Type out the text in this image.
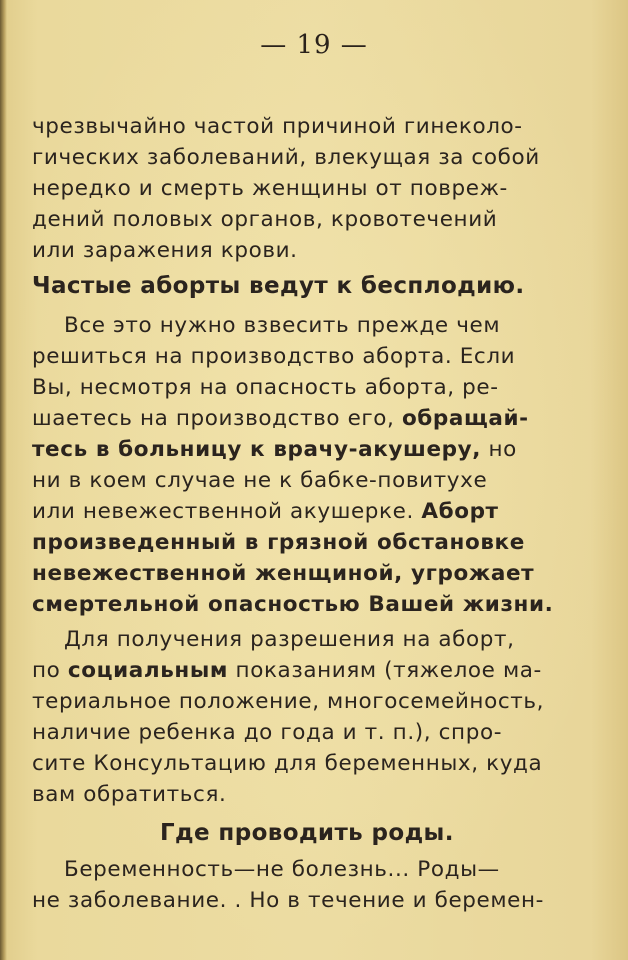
— 19 —
чрезвычайно частой причиной гинеколо-
гических заболеваний, влекущая за собой
нередко и смерть женщины от повреж-
дений половых органов, кровотечений
или заражения крови.
Частые аборты ведут к бесплодию.
Все это нужно взвесить прежде чем
решиться на производство аборта. Если
Вы, несмотря на опасность аборта, ре-
шаетесь на производство его, обращай-
тесь в больницу к врачу-акушеру, но
ни в коем случае не к бабке-повитухе
или невежественной акушерке. Аборт
произведенный в грязной обстановке
невежественной женщиной, угрожает
смертельной опасностью Вашей жизни.
Для получения разрешения на аборт,
по социальным показаниям (тяжелое ма-
териальное положение, многосемейность,
наличие ребенка до года и т. п.), спро-
сите Консультацию для беременных, куда
вам обратиться.
Где проводить роды.
Беременность—не болезнь... Роды—
не заболевание. . Но в течение и беремен-
